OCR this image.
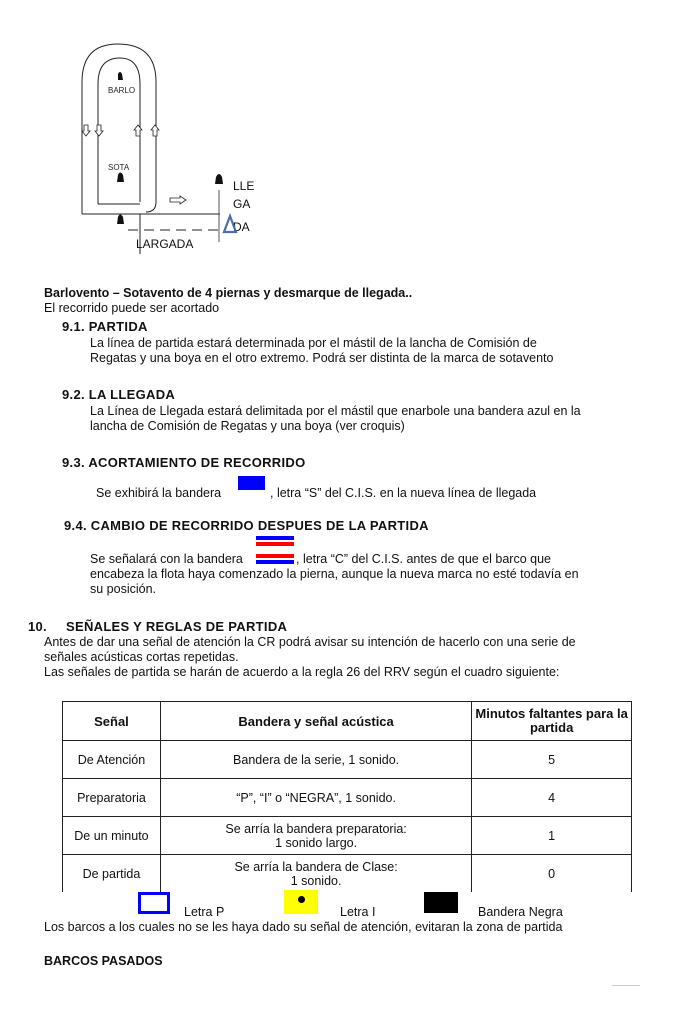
BARLO
SOTA
LLE
GA
DA
LARGADA
Barlovento – Sotavento de 4 piernas y desmarque de llegada..
El recorrido puede ser acortado
9.1. PARTIDA
La línea de partida estará determinada por el mástil de la lancha de Comisión de
Regatas y una boya en el otro extremo. Podrá ser distinta de la marca de sotavento
9.2. LA LLEGADA
La Línea de Llegada estará delimitada por el mástil que enarbole una bandera azul en la
lancha de Comisión de Regatas y una boya (ver croquis)
9.3. ACORTAMIENTO DE RECORRIDO
Se exhibirá la bandera	, letra “S” del C.I.S. en la nueva línea de llegada
9.4. CAMBIO DE RECORRIDO DESPUES DE LA PARTIDA
Se señalará con la bandera	, letra “C” del C.I.S. antes de que el barco que
encabeza la flota haya comenzado la pierna, aunque la nueva marca no esté todavía en
su posición.
10. SEÑALES Y REGLAS DE PARTIDA
Antes de dar una señal de atención la CR podrá avisar su intención de hacerlo con una serie de
señales acústicas cortas repetidas.
Las señales de partida se harán de acuerdo a la regla 26 del RRV según el cuadro siguiente:
Señal	Bandera y señal acústica	Minutos faltantes para la partida
De Atención	Bandera de la serie, 1 sonido.	5
Preparatoria	“P”, “I” o “NEGRA”, 1 sonido.	4
De un minuto	Se arría la bandera preparatoria:
1 sonido largo.	1
De partida	Se arría la bandera de Clase:
1 sonido.	0
Letra P	Letra I	Bandera Negra
Los barcos a los cuales no se les haya dado su señal de atención, evitaran la zona de partida
BARCOS PASADOS
